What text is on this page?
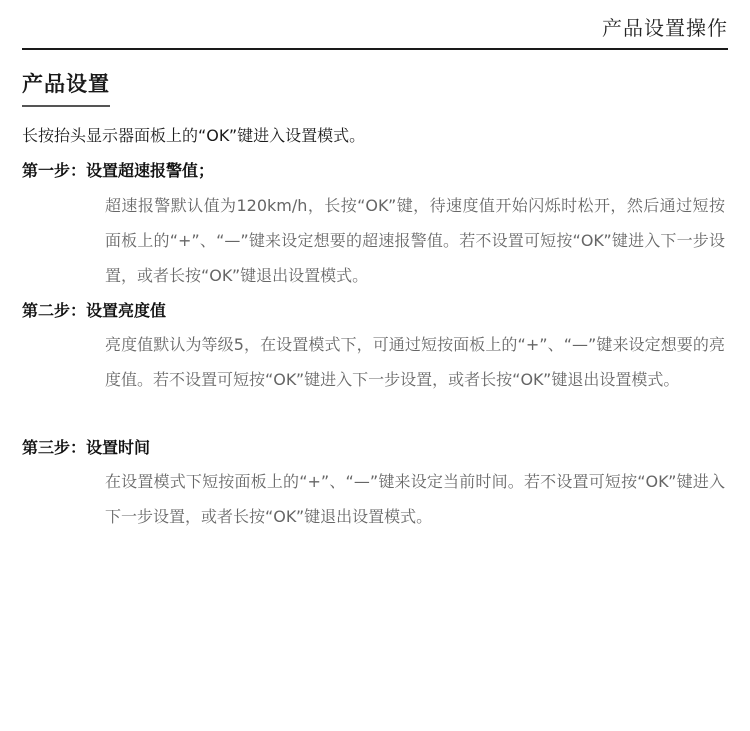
产品设置操作
产品设置
长按抬头显示器面板上的“OK”键进入设置模式。
第一步：设置超速报警值；

超速报警默认值为120km/h，长按“OK”键，待速度值开始闪烁时松开，然后通过短按面板上的“+”、“—”键来设定想要的超速报警值。若不设置可短按“OK”键进入下一步设置，或者长按“OK”键退出设置模式。

第二步：设置亮度值

亮度值默认为等级5，在设置模式下，可通过短按面板上的“+”、“—”键来设定想要的亮度值。若不设置可短按“OK”键进入下一步设置，或者长按“OK”键退出设置模式。

第三步：设置时间

在设置模式下短按面板上的“+”、“—”键来设定当前时间。若不设置可短按“OK”键进入下一步设置，或者长按“OK”键退出设置模式。
